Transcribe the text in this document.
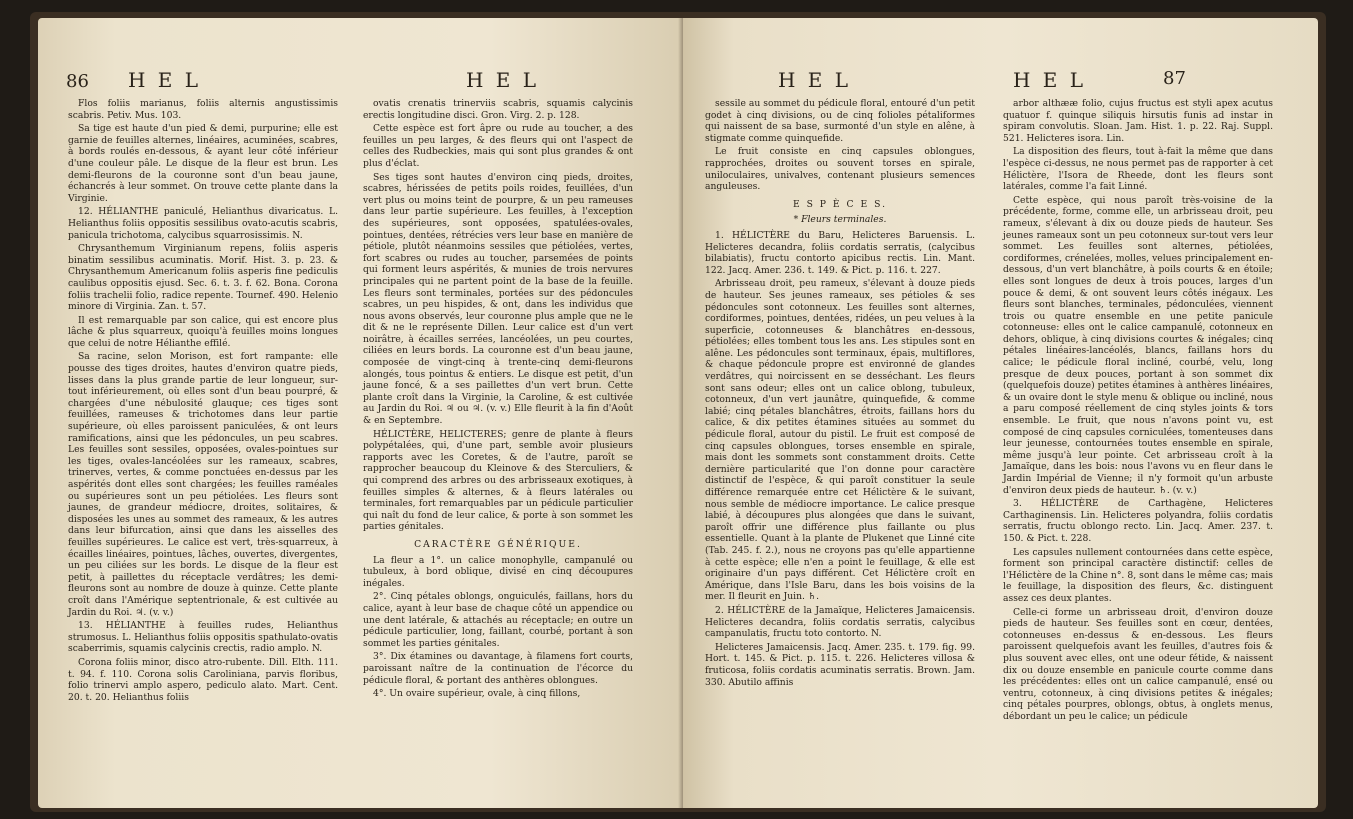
86 H E L	H E L

Flos foliis marianus, foliis alternis angustissimis scabris. Petiv. Mus. 103.

Sa tige est haute d'un pied & demi, purpurine; elle est garnie de feuilles alternes, linéaires, acuminées, scabres, à bords roulés en-dessous, & ayant leur côté inférieur d'une couleur pâle. Le disque de la fleur est brun. Les demi-fleurons de la couronne sont d'un beau jaune, échancrés à leur sommet. On trouve cette plante dans la Virginie.

12. HÉLIANTHE paniculé, Helianthus divaricatus. L. Helianthus foliis oppositis sessilibus ovato-acutis scabris, panicula trichotoma, calycibus squarrosissimis. N.

Chrysanthemum Virginianum repens, foliis asperis binatim sessilibus acuminatis. Morif. Hist. 3. p. 23. & Chrysanthemum Americanum foliis asperis fine pediculis caulibus oppositis ejusd. Sec. 6. t. 3. f. 62. Bona. Corona foliis trachelii folio, radice repente. Tournef. 490. Helenio minore di Virginia. Zan. t. 57.

Il est remarquable par son calice, qui est encore plus lâche & plus squarreux, quoiqu'à feuilles moins longues que celui de notre Hélianthe effilé.

Sa racine, selon Morison, est fort rampante: elle pousse des tiges droites, hautes d'environ quatre pieds, lisses dans la plus grande partie de leur longueur, sur-tout inférieurement, où elles sont d'un beau pourpré, & chargées d'une nébulosité glauque; ces tiges sont feuillées, rameuses & trichotomes dans leur partie supérieure, où elles paroissent paniculées, & ont leurs ramifications, ainsi que les pédoncules, un peu scabres. Les feuilles sont sessiles, opposées, ovales-pointues sur les tiges, ovales-lancéolées sur les rameaux, scabres, trinerves, vertes, & comme ponctuées en-dessus par les aspérités dont elles sont chargées; les feuilles raméales ou supérieures sont un peu pétiolées. Les fleurs sont jaunes, de grandeur médiocre, droites, solitaires, & disposées les unes au sommet des rameaux, & les autres dans leur bifurcation, ainsi que dans les aisselles des feuilles supérieures. Le calice est vert, très-squarreux, à écailles linéaires, pointues, lâches, ouvertes, divergentes, un peu ciliées sur les bords. Le disque de la fleur est petit, à paillettes du réceptacle verdâtres; les demi-fleurons sont au nombre de douze à quinze. Cette plante croît dans l'Amérique septentrionale, & est cultivée au Jardin du Roi. ♃. (v. v.)

13. HÉLIANTHE à feuilles rudes, Helianthus strumosus. L. Helianthus foliis oppositis spathulato-ovatis scaberrimis, squamis calycinis crectis, radio amplo. N.

Corona foliis minor, disco atro-rubente. Dill. Elth. 111. t. 94. f. 110. Corona solis Caroliniana, parvis floribus, folio trinervi amplo aspero, pediculo alato. Mart. Cent. 20. t. 20. Helianthus foliis

ovatis crenatis trinerviis scabris, squamis calycinis erectis longitudine disci. Gron. Virg. 2. p. 128.

Cette espèce est fort âpre ou rude au toucher, a des feuilles un peu larges, & des fleurs qui ont l'aspect de celles des Rudbeckies, mais qui sont plus grandes & ont plus d'éclat.

Ses tiges sont hautes d'environ cinq pieds, droites, scabres, hérissées de petits poils roides, feuillées, d'un vert plus ou moins teint de pourpre, & un peu rameuses dans leur partie supérieure. Les feuilles, à l'exception des supérieures, sont opposées, spatulées-ovales, pointues, dentées, rétrécies vers leur base en manière de pétiole, plutôt néanmoins sessiles que pétiolées, vertes, fort scabres ou rudes au toucher, parsemées de points qui forment leurs aspérités, & munies de trois nervures principales qui ne partent point de la base de la feuille. Les fleurs sont terminales, portées sur des pédoncules scabres, un peu hispides, & ont, dans les individus que nous avons observés, leur couronne plus ample que ne le dit & ne le représente Dillen. Leur calice est d'un vert noirâtre, à écailles serrées, lancéolées, un peu courtes, ciliées en leurs bords. La couronne est d'un beau jaune, composée de vingt-cinq à trente-cinq demi-fleurons alongés, tous pointus & entiers. Le disque est petit, d'un jaune foncé, & a ses paillettes d'un vert brun. Cette plante croît dans la Virginie, la Caroline, & est cultivée au Jardin du Roi. ♃ ou ♃. (v. v.) Elle fleurit à la fin d'Août & en Septembre.

HÉLICTÈRE, HELICTERES; genre de plante à fleurs polypétalées, qui, d'une part, semble avoir plusieurs rapports avec les Coretes, & de l'autre, paroît se rapprocher beaucoup du Kleinove & des Sterculiers, & qui comprend des arbres ou des arbrisseaux exotiques, à feuilles simples & alternes, & à fleurs latérales ou terminales, fort remarquables par un pédicule particulier qui naît du fond de leur calice, & porte à son sommet les parties génitales.

CARACTÈRE GÉNÉRIQUE.

La fleur a 1°. un calice monophylle, campanulé ou tubuleux, à bord oblique, divisé en cinq découpures inégales.

2°. Cinq pétales oblongs, onguiculés, faillans, hors du calice, ayant à leur base de chaque côté un appendice ou une dent latérale, & attachés au réceptacle; en outre un pédicule particulier, long, faillant, courbé, portant à son sommet les parties génitales.

3°. Dix étamines ou davantage, à filamens fort courts, paroissant naître de la continuation de l'écorce du pédicule floral, & portant des anthères oblongues.

4°. Un ovaire supérieur, ovale, à cinq fillons,

H E L	H E L	87

sessile au sommet du pédicule floral, entouré d'un petit godet à cinq divisions, ou de cinq folioles pétaliformes qui naissent de sa base, surmonté d'un style en alêne, à stigmate comme quinquefide.

Le fruit consiste en cinq capsules oblongues, rapprochées, droites ou souvent torses en spirale, uniloculaires, univalves, contenant plusieurs semences anguleuses.

E S P È C E S.

* Fleurs terminales.

1. HÉLICTÈRE du Baru, Helicteres Baruensis. L. Helicteres decandra, foliis cordatis serratis, (calycibus bilabiatis), fructu contorto apicibus rectis. Lin. Mant. 122. Jacq. Amer. 236. t. 149. & Pict. p. 116. t. 227.

Arbrisseau droit, peu rameux, s'élevant à douze pieds de hauteur. Ses jeunes rameaux, ses pétioles & ses pédoncules sont cotonneux. Les feuilles sont alternes, cordiformes, pointues, dentées, ridées, un peu velues à la superficie, cotonneuses & blanchâtres en-dessous, pétiolées; elles tombent tous les ans. Les stipules sont en alêne. Les pédoncules sont terminaux, épais, multiflores, & chaque pédoncule propre est environné de glandes verdâtres, qui noircissent en se desséchant. Les fleurs sont sans odeur; elles ont un calice oblong, tubuleux, cotonneux, d'un vert jaunâtre, quinquefide, & comme labié; cinq pétales blanchâtres, étroits, faillans hors du calice, & dix petites étamines situées au sommet du pédicule floral, autour du pistil. Le fruit est composé de cinq capsules oblongues, torses ensemble en spirale, mais dont les sommets sont constamment droits. Cette dernière particularité que l'on donne pour caractère distinctif de l'espèce, & qui paroît constituer la seule différence remarquée entre cet Hélictère & le suivant, nous semble de médiocre importance. Le calice presque labié, à découpures plus alongées que dans le suivant, paroît offrir une différence plus faillante ou plus essentielle. Quant à la plante de Plukenet que Linné cite (Tab. 245. f. 2.), nous ne croyons pas qu'elle appartienne à cette espèce; elle n'en a point le feuillage, & elle est originaire d'un pays différent. Cet Hélictère croît en Amérique, dans l'Isle Baru, dans les bois voisins de la mer. Il fleurit en Juin. ♄.

2. HÉLICTÈRE de la Jamaïque, Helicteres Jamaicensis. Helicteres decandra, foliis cordatis serratis, calycibus campanulatis, fructu toto contorto. N.

Helicteres Jamaicensis. Jacq. Amer. 235. t. 179. fig. 99. Hort. t. 145. & Pict. p. 115. t. 226. Helicteres villosa & fruticosa, foliis cordatis acuminatis serratis. Brown. Jam. 330. Abutilo affinis

arbor althææ folio, cujus fructus est styli apex acutus quatuor f. quinque siliquis hirsutis funis ad instar in spiram convolutis. Sloan. Jam. Hist. 1. p. 22. Raj. Suppl. 521. Helicteres isora. Lin.

La disposition des fleurs, tout à-fait la même que dans l'espèce ci-dessus, ne nous permet pas de rapporter à cet Hélictère, l'Isora de Rheede, dont les fleurs sont latérales, comme l'a fait Linné.

Cette espèce, qui nous paroît très-voisine de la précédente, forme, comme elle, un arbrisseau droit, peu rameux, s'élevant à dix ou douze pieds de hauteur. Ses jeunes rameaux sont un peu cotonneux sur-tout vers leur sommet. Les feuilles sont alternes, pétiolées, cordiformes, crénelées, molles, velues principalement en-dessous, d'un vert blanchâtre, à poils courts & en étoile; elles sont longues de deux à trois pouces, larges d'un pouce & demi, & ont souvent leurs côtés inégaux. Les fleurs sont blanches, terminales, pédonculées, viennent trois ou quatre ensemble en une petite panicule cotonneuse: elles ont le calice campanulé, cotonneux en dehors, oblique, à cinq divisions courtes & inégales; cinq pétales linéaires-lancéolés, blancs, faillans hors du calice; le pédicule floral incliné, courbé, velu, long presque de deux pouces, portant à son sommet dix (quelquefois douze) petites étamines à anthères linéaires, & un ovaire dont le style menu & oblique ou incliné, nous a paru composé réellement de cinq styles joints & tors ensemble. Le fruit, que nous n'avons point vu, est composé de cinq capsules corniculées, tomenteuses dans leur jeunesse, contournées toutes ensemble en spirale, même jusqu'à leur pointe. Cet arbrisseau croît à la Jamaïque, dans les bois: nous l'avons vu en fleur dans le Jardin Impérial de Vienne; il n'y formoit qu'un arbuste d'environ deux pieds de hauteur. ♄. (v. v.)

3. HÉLICTÈRE de Carthagène, Helicteres Carthaginensis. Lin. Helicteres polyandra, foliis cordatis serratis, fructu oblongo recto. Lin. Jacq. Amer. 237. t. 150. & Pict. t. 228.

Les capsules nullement contournées dans cette espèce, forment son principal caractère distinctif: celles de l'Hélictère de la Chine n°. 8, sont dans le même cas; mais le feuillage, la disposition des fleurs, &c. distinguent assez ces deux plantes.

Celle-ci forme un arbrisseau droit, d'environ douze pieds de hauteur. Ses feuilles sont en cœur, dentées, cotonneuses en-dessus & en-dessous. Les fleurs paroissent quelquefois avant les feuilles, d'autres fois & plus souvent avec elles, ont une odeur fétide, & naissent dix ou douze ensemble en panicule courte comme dans les précédentes: elles ont un calice campanulé, ensé ou ventru, cotonneux, à cinq divisions petites & inégales; cinq pétales pourpres, oblongs, obtus, à onglets menus, débordant un peu le calice; un pédicule
